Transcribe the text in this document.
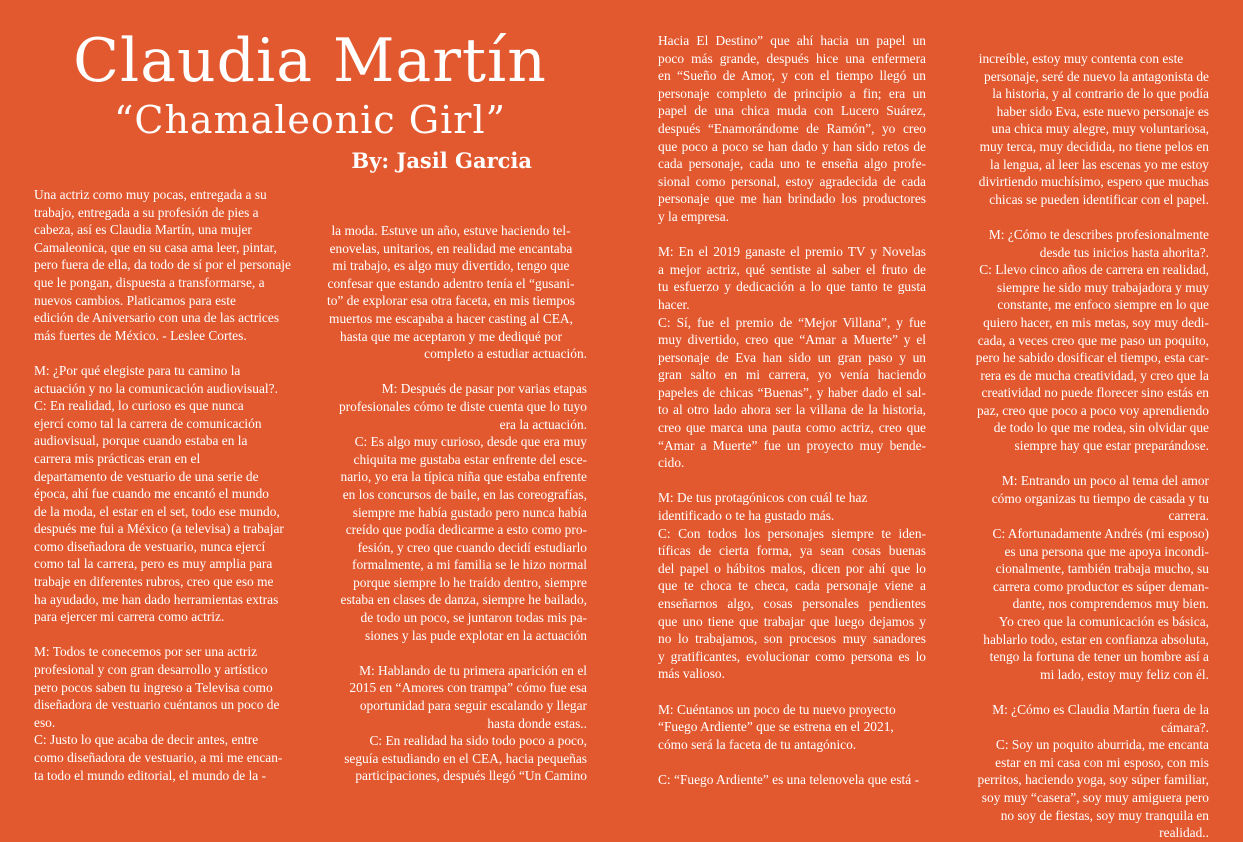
Claudia Martín
“Chamaleonic Girl”
By: Jasil Garcia

Una actriz como muy pocas, entregada a su

trabajo, entregada a su profesión de pies a

cabeza, así es Claudia Martín, una mujer

Camaleonica, que en su casa ama leer, pintar,

pero fuera de ella, da todo de sí por el personaje

que le pongan, dispuesta a transformarse, a

nuevos cambios. Platicamos para este

edición de Aniversario con una de las actrices

más fuertes de México. - Leslee Cortes.

M: ¿Por qué elegiste para tu camino la

actuación y no la comunicación audiovisual?.

C: En realidad, lo curioso es que nunca

ejercí como tal la carrera de comunicación

audiovisual, porque cuando estaba en la

carrera mis prácticas eran en el

departamento de vestuario de una serie de

época, ahí fue cuando me encantó el mundo

de la moda, el estar en el set, todo ese mundo,

después me fui a México (a televisa) a trabajar

como diseñadora de vestuario, nunca ejercí

como tal la carrera, pero es muy amplia para

trabaje en diferentes rubros, creo que eso me

ha ayudado, me han dado herramientas extras

para ejercer mi carrera como actriz.

M: Todos te conecemos por ser una actriz

profesional y con gran desarrollo y artístico

pero pocos saben tu ingreso a Televisa como

diseñadora de vestuario cuéntanos un poco de

eso.

C: Justo lo que acaba de decir antes, entre

como diseñadora de vestuario, a mi me encan-

ta todo el mundo editorial, el mundo de la -

la moda. Estuve un año, estuve haciendo tel-

enovelas, unitarios, en realidad me encantaba

mi trabajo, es algo muy divertido, tengo que

confesar que estando adentro tenía el “gusani-

to” de explorar esa otra faceta, en mis tiempos

muertos me escapaba a hacer casting al CEA,

hasta que me aceptaron y me dediqué por

completo a estudiar actuación.

M: Después de pasar por varias etapas

profesionales cómo te diste cuenta que lo tuyo

era la actuación.

C: Es algo muy curioso, desde que era muy

chiquita me gustaba estar enfrente del esce-

nario, yo era la típica niña que estaba enfrente

en los concursos de baile, en las coreografías,

siempre me había gustado pero nunca había

creído que podía dedicarme a esto como pro-

fesión, y creo que cuando decidí estudiarlo

formalmente, a mi familia se le hizo normal

porque siempre lo he traído dentro, siempre

estaba en clases de danza, siempre he bailado,

de todo un poco, se juntaron todas mis pa-

siones y las pude explotar en la actuación

M: Hablando de tu primera aparición en el

2015 en “Amores con trampa” cómo fue esa

oportunidad para seguir escalando y llegar

hasta donde estas..

C: En realidad ha sido todo poco a poco,

seguía estudiando en el CEA, hacia pequeñas

participaciones, después llegó “Un Camino

Hacia El Destino” que ahí hacia un papel un

poco más grande, después hice una enfermera

en “Sueño de Amor, y con el tiempo llegó un

personaje completo de principio a fin; era un

papel de una chica muda con Lucero Suárez,

después “Enamorándome de Ramón”, yo creo

que poco a poco se han dado y han sido retos de

cada personaje, cada uno te enseña algo profe-

sional como personal, estoy agradecida de cada

personaje que me han brindado los productores

y la empresa.

M: En el 2019 ganaste el premio TV y Novelas

a mejor actriz, qué sentiste al saber el fruto de

tu esfuerzo y dedicación a lo que tanto te gusta

hacer.

C: Sí, fue el premio de “Mejor Villana”, y fue

muy divertido, creo que “Amar a Muerte” y el

personaje de Eva han sido un gran paso y un

gran salto en mi carrera, yo venía haciendo

papeles de chicas “Buenas”, y haber dado el sal-

to al otro lado ahora ser la villana de la historia,

creo que marca una pauta como actriz, creo que

“Amar a Muerte” fue un proyecto muy bende-

cido.

M: De tus protagónicos con cuál te haz

identificado o te ha gustado más.

C: Con todos los personajes siempre te iden-

tíficas de cierta forma, ya sean cosas buenas

del papel o hábitos malos, dicen por ahí que lo

que te choca te checa, cada personaje viene a

enseñarnos algo, cosas personales pendientes

que uno tiene que trabajar que luego dejamos y

no lo trabajamos, son procesos muy sanadores

y gratificantes, evolucionar como persona es lo

más valioso.

M: Cuéntanos un poco de tu nuevo proyecto

“Fuego Ardiente” que se estrena en el 2021,

cómo será la faceta de tu antagónico.

C: “Fuego Ardiente” es una telenovela que está -

increíble, estoy muy contenta con este

personaje, seré de nuevo la antagonista de

la historia, y al contrario de lo que podía

haber sido Eva, este nuevo personaje es

una chica muy alegre, muy voluntariosa,

muy terca, muy decidida, no tiene pelos en

la lengua, al leer las escenas yo me estoy

divirtiendo muchísimo, espero que muchas

chicas se pueden identificar con el papel.

M: ¿Cómo te describes profesionalmente

desde tus inicios hasta ahorita?.

C: Llevo cinco años de carrera en realidad,

siempre he sido muy trabajadora y muy

constante, me enfoco siempre en lo que

quiero hacer, en mis metas, soy muy dedi-

cada, a veces creo que me paso un poquito,

pero he sabido dosificar el tiempo, esta car-

rera es de mucha creatividad, y creo que la

creatividad no puede florecer sino estás en

paz, creo que poco a poco voy aprendiendo

de todo lo que me rodea, sin olvidar que

siempre hay que estar preparándose.

M: Entrando un poco al tema del amor

cómo organizas tu tiempo de casada y tu

carrera.

C: Afortunadamente Andrés (mi esposo)

es una persona que me apoya incondi-

cionalmente, también trabaja mucho, su

carrera como productor es súper deman-

dante, nos comprendemos muy bien.

Yo creo que la comunicación es básica,

hablarlo todo, estar en confianza absoluta,

tengo la fortuna de tener un hombre así a

mi lado, estoy muy feliz con él.

M: ¿Cómo es Claudia Martín fuera de la

cámara?.

C: Soy un poquito aburrida, me encanta

estar en mi casa con mi esposo, con mis

perritos, haciendo yoga, soy súper familiar,

soy muy “casera”, soy muy amiguera pero

no soy de fiestas, soy muy tranquila en

realidad..
